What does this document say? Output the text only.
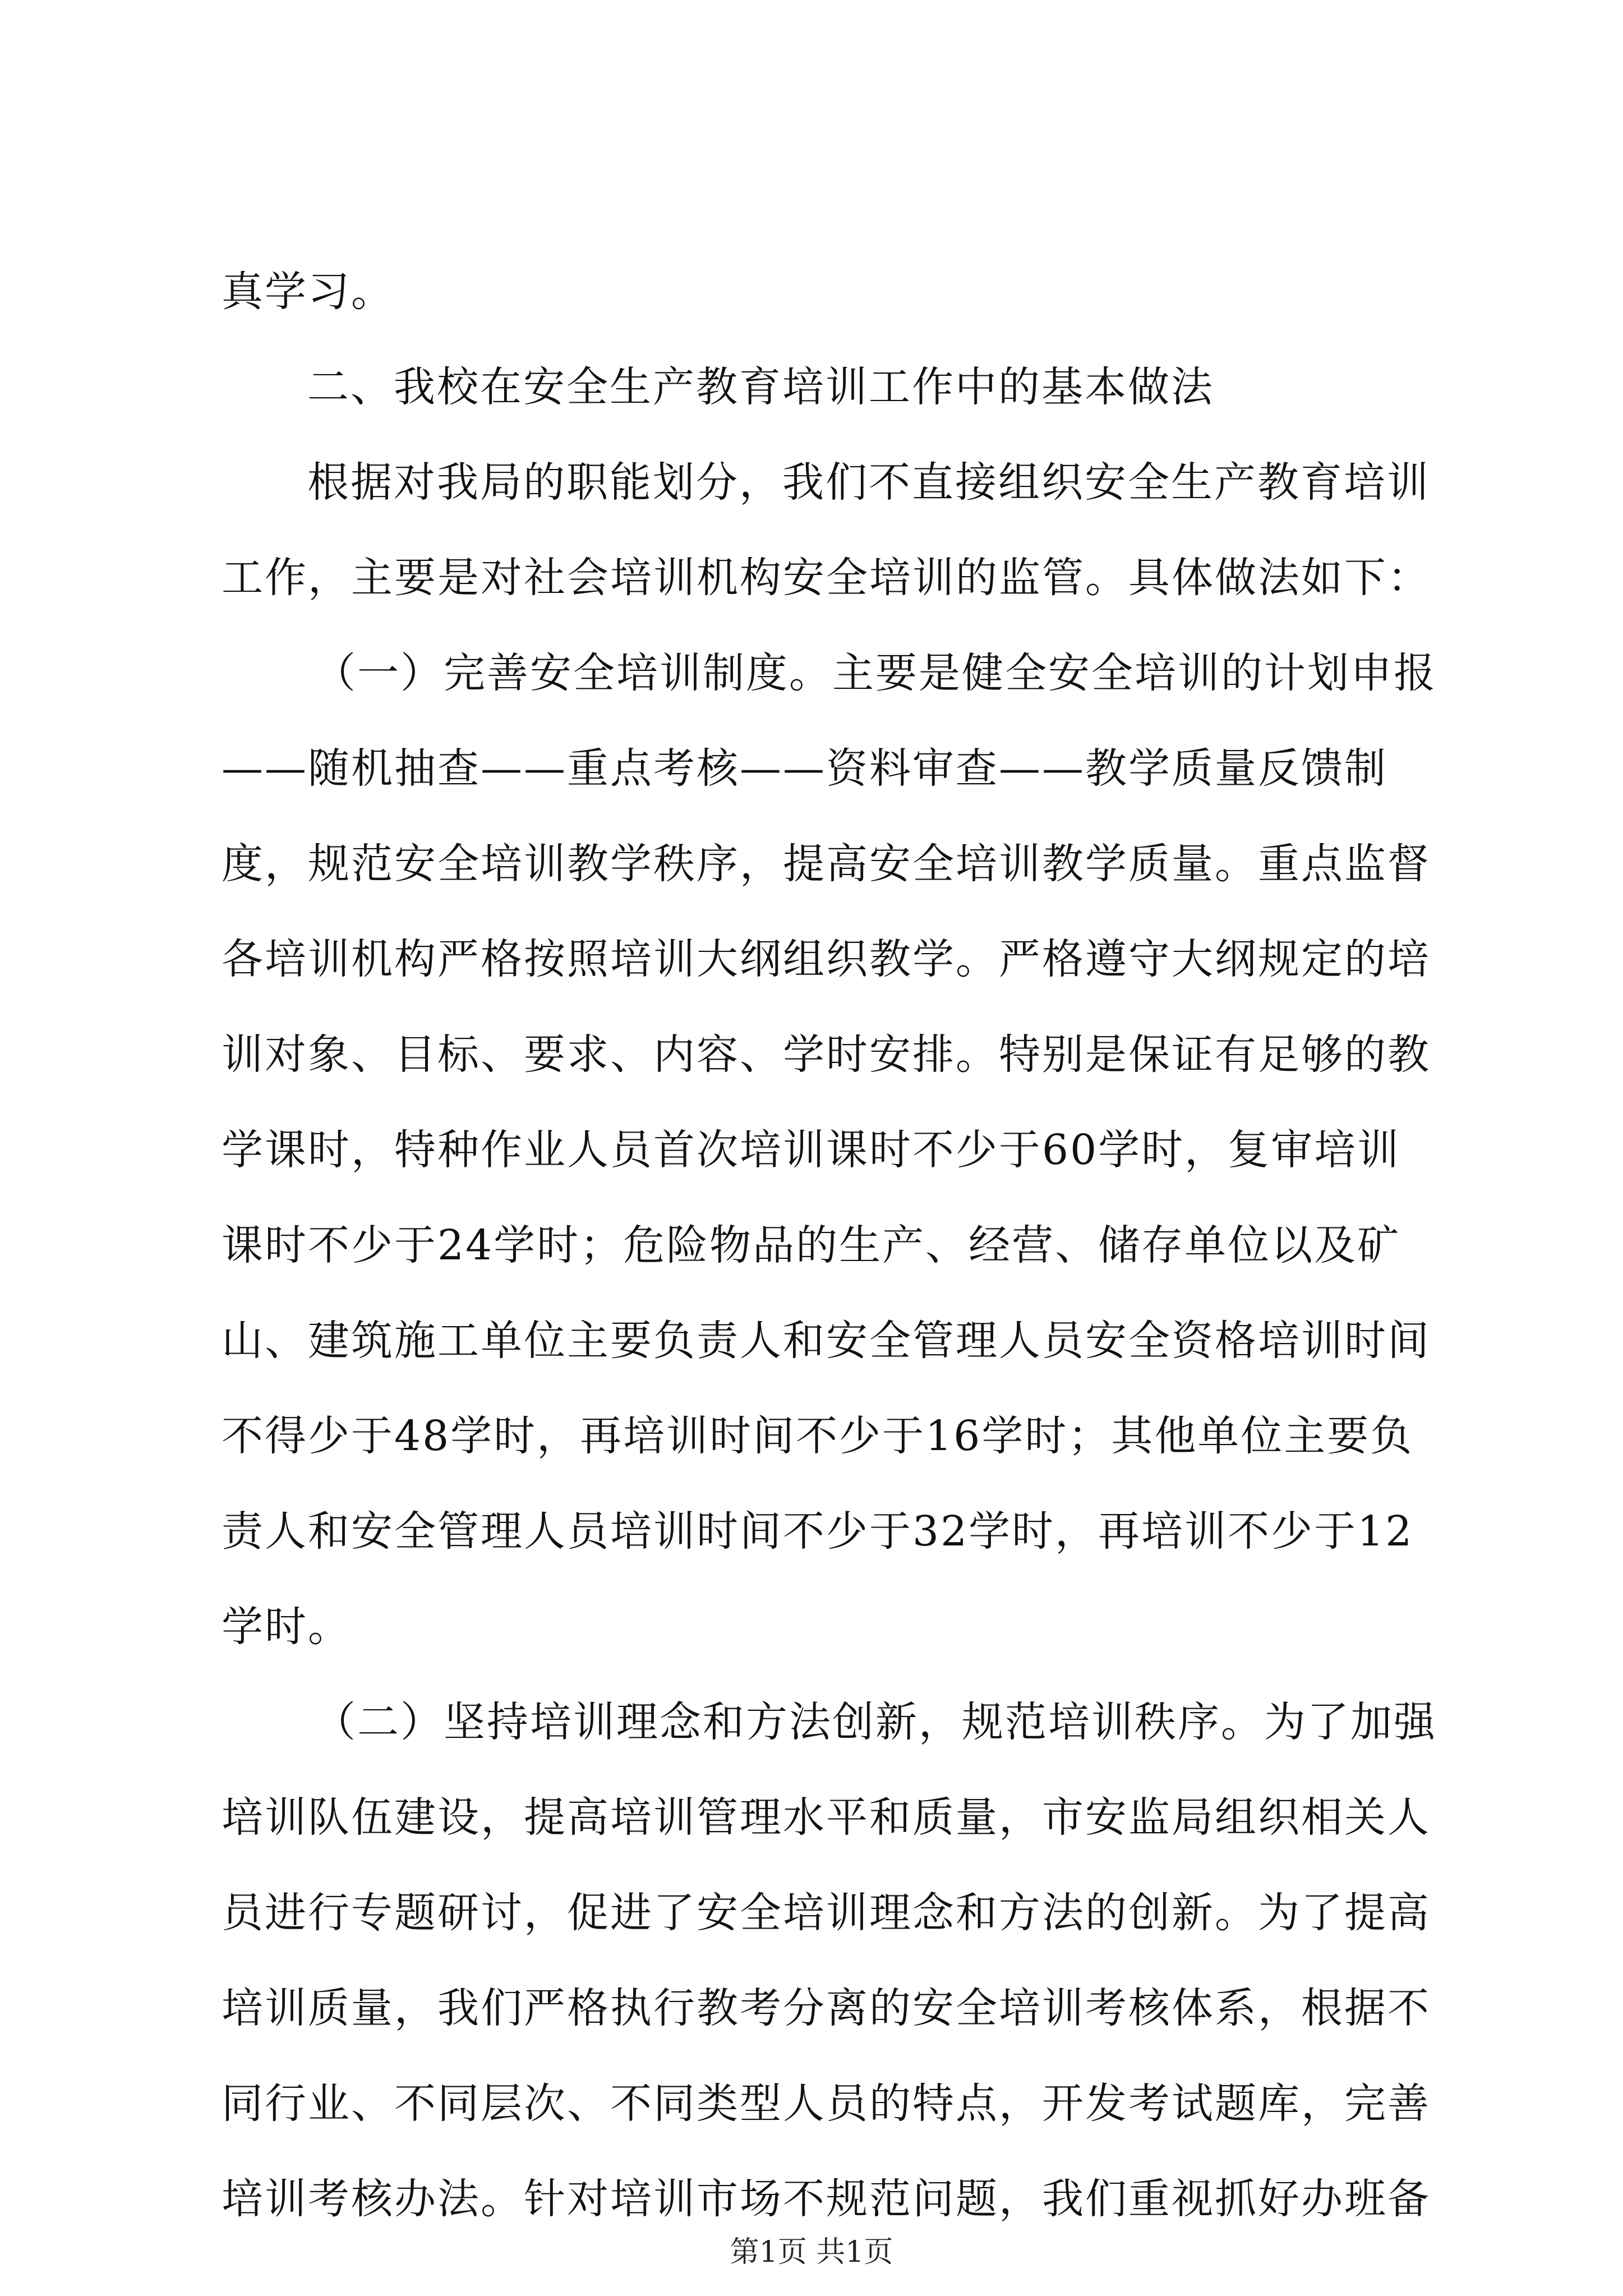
真学习。
二、我校在安全生产教育培训工作中的基本做法
根据对我局的职能划分，我们不直接组织安全生产教育培训
工作，主要是对社会培训机构安全培训的监管。具体做法如下：
（一）完善安全培训制度。主要是健全安全培训的计划申报
——随机抽查——重点考核——资料审查——教学质量反馈制
度，规范安全培训教学秩序，提高安全培训教学质量。重点监督
各培训机构严格按照培训大纲组织教学。严格遵守大纲规定的培
训对象、目标、要求、内容、学时安排。特别是保证有足够的教
学课时，特种作业人员首次培训课时不少于60学时，复审培训
课时不少于24学时；危险物品的生产、经营、储存单位以及矿
山、建筑施工单位主要负责人和安全管理人员安全资格培训时间
不得少于48学时，再培训时间不少于16学时；其他单位主要负
责人和安全管理人员培训时间不少于32学时，再培训不少于12
学时。
（二）坚持培训理念和方法创新，规范培训秩序。为了加强
培训队伍建设，提高培训管理水平和质量，市安监局组织相关人
员进行专题研讨，促进了安全培训理念和方法的创新。为了提高
培训质量，我们严格执行教考分离的安全培训考核体系，根据不
同行业、不同层次、不同类型人员的特点，开发考试题库，完善
培训考核办法。针对培训市场不规范问题，我们重视抓好办班备
第1页 共1页
